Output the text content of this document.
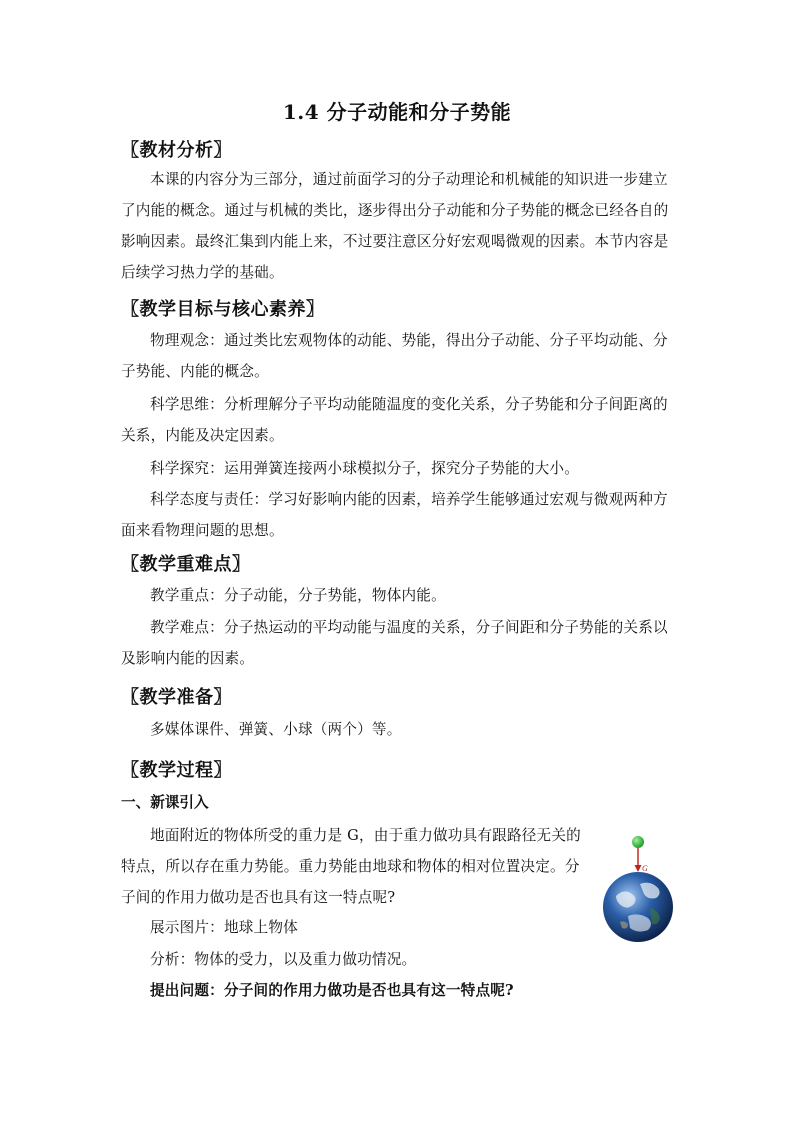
1.4 分子动能和分子势能
〖教材分析〗
本课的内容分为三部分，通过前面学习的分子动理论和机械能的知识进一步建立了内能的概念。通过与机械的类比，逐步得出分子动能和分子势能的概念已经各自的影响因素。最终汇集到内能上来，不过要注意区分好宏观喝微观的因素。本节内容是后续学习热力学的基础。
〖教学目标与核心素养〗
物理观念：通过类比宏观物体的动能、势能，得出分子动能、分子平均动能、分子势能、内能的概念。
科学思维：分析理解分子平均动能随温度的变化关系，分子势能和分子间距离的关系，内能及决定因素。
科学探究：运用弹簧连接两小球模拟分子，探究分子势能的大小。
科学态度与责任：学习好影响内能的因素，培养学生能够通过宏观与微观两种方面来看物理问题的思想。
〖教学重难点〗
教学重点：分子动能，分子势能，物体内能。
教学难点：分子热运动的平均动能与温度的关系，分子间距和分子势能的关系以及影响内能的因素。
〖教学准备〗
多媒体课件、弹簧、小球（两个）等。
〖教学过程〗
一、新课引入
地面附近的物体所受的重力是 G，由于重力做功具有跟路径无关的特点，所以存在重力势能。重力势能由地球和物体的相对位置决定。分子间的作用力做功是否也具有这一特点呢?
展示图片：地球上物体
分析：物体的受力，以及重力做功情况。
提出问题：分子间的作用力做功是否也具有这一特点呢?
G
